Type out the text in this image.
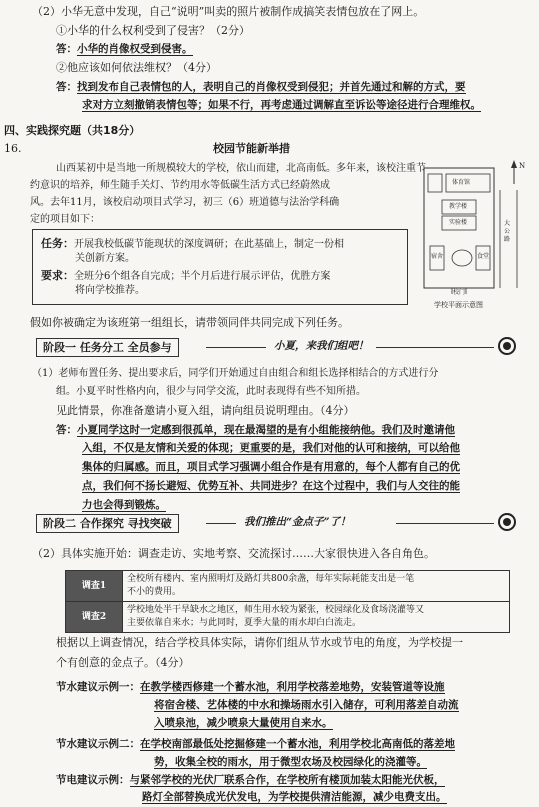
（2）小华无意中发现，自己“说明”叫卖的照片被制作成搞笑表情包放在了网上。
①小华的什么权利受到了侵害？（2分）
答：小华的肖像权受到侵害。
②他应该如何依法维权？（4分）
答：找到发布自己表情包的人，表明自己的肖像权受到侵犯；并首先通过和解的方式，要
求对方立刻撤销表情包等；如果不行，再考虑通过调解直至诉讼等途径进行合理维权。
四、实践探究题（共18分）
16.	校园节能新举措
山西某初中是当地一所规模较大的学校，依山而建，北高南低。多年来，该校注重节
约意识的培养，师生随手关灯、节约用水等低碳生活方式已经蔚然成
风。去年11月，该校启动项目式学习，初三（6）班道德与法治学科确
定的项目如下：
任务：开展我校低碳节能现状的深度调研；在此基础上，制定一份相
关创新方案。
要求：全班分6个组各自完成；半个月后进行展示评估，优胜方案
将向学校推荐。
N
体育馆
教学楼
实验楼
宿舍	食堂
大公路
校门
学校平面示意图
假如你被确定为该班第一组组长，请带领同伴共同完成下列任务。
阶段一 任务分工 全员参与	小夏，来我们组吧！
（1）老师布置任务、提出要求后，同学们开始通过自由组合和组长选择相结合的方式进行分
组。小夏平时性格内向，很少与同学交流，此时表现得有些不知所措。
见此情景，你准备邀请小夏入组，请向组员说明理由。（4分）
答：小夏同学这时一定感到很孤单，现在最渴望的是有小组能接纳他。我们及时邀请他
入组，不仅是友情和关爱的体现；更重要的是，我们对他的认可和接纳，可以给他
集体的归属感。而且，项目式学习强调小组合作是有用意的，每个人都有自己的优
点，我们何不扬长避短、优势互补、共同进步？在这个过程中，我们与人交往的能
力也会得到锻炼。
阶段二 合作探究 寻找突破	我们推出“金点子”了！
（2）具体实施开始：调查走访、实地考察、交流探讨……大家很快进入各自角色。
调查1	全校所有楼内、室内照明灯及路灯共800余盏，每年实际耗能支出是一笔
不小的费用。
调查2	学校地处半干旱缺水之地区，师生用水较为紧张，校园绿化及食场浇灌等又
主要依靠自来水；与此同时，夏季大量的雨水却白白流走。
根据以上调查情况，结合学校具体实际，请你们组从节水或节电的角度，为学校提一
个有创意的金点子。（4分）
节水建议示例一：在教学楼西修建一个蓄水池，利用学校落差地势，安装管道等设施
将宿舍楼、艺体楼的中水和操场雨水引入储存，可利用落差自动流
入喷泉池，减少喷泉大量使用自来水。
节水建议示例二：在学校南部最低处挖掘修建一个蓄水池，利用学校北高南低的落差地
势，收集全校的雨水，用于微型农场及校园绿化的浇灌等。
节电建议示例：与紧邻学校的光伏厂联系合作，在学校所有楼顶加装太阳能光伏板，
路灯全部替换成光伏发电，为学校提供清洁能源，减少电费支出。
